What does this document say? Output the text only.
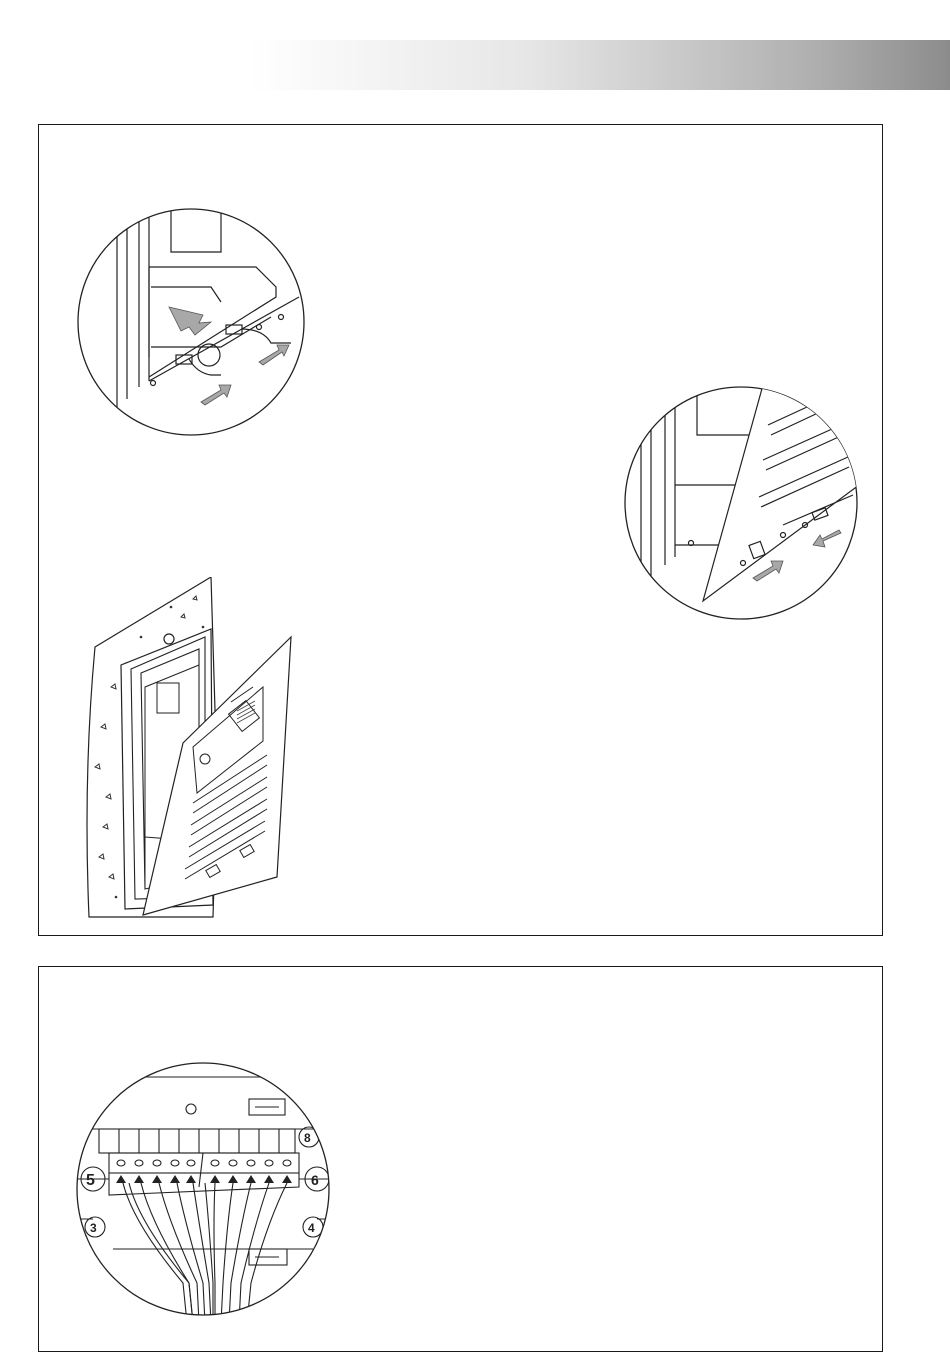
5	6
8
3	4
